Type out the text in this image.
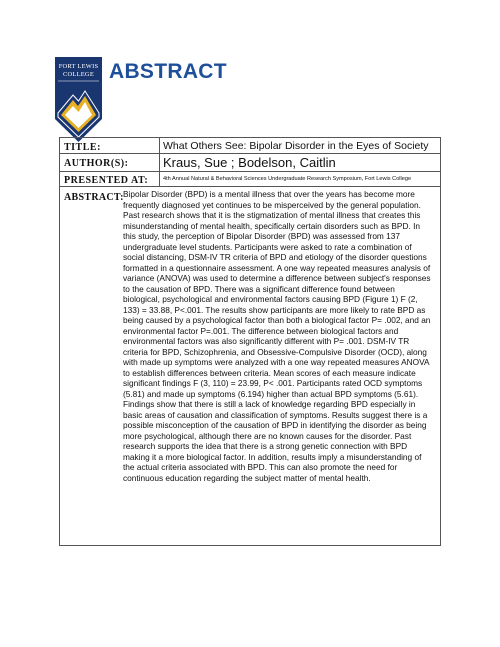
FORT LEWIS
COLLEGE ABSTRACT
TITLE:	What Others See: Bipolar Disorder in the Eyes of Society
AUTHOR(S):	Kraus, Sue ; Bodelson, Caitlin
PRESENTED AT:	4th Annual Natural & Behavioral Sciences Undergraduate Research Symposium, Fort Lewis College
ABSTRACT: Bipolar Disorder (BPD) is a mental illness that over the years has become more frequently diagnosed yet continues to be misperceived by the general population. Past research shows that it is the stigmatization of mental illness that creates this misunderstanding of mental health, specifically certain disorders such as BPD. In this study, the perception of Bipolar Disorder (BPD) was assessed from 137 undergraduate level students. Participants were asked to rate a combination of social distancing, DSM-IV TR criteria of BPD and etiology of the disorder questions formatted in a questionnaire assessment. A one way repeated measures analysis of variance (ANOVA) was used to determine a difference between subject's responses to the causation of BPD. There was a significant difference found between biological, psychological and environmental factors causing BPD (Figure 1) F (2, 133) = 33.88, P<.001. The results show participants are more likely to rate BPD as being caused by a psychological factor than both a biological factor P= .002, and an environmental factor P=.001. The difference between biological factors and environmental factors was also significantly different with P= .001. DSM-IV TR criteria for BPD, Schizophrenia, and Obsessive-Compulsive Disorder (OCD), along with made up symptoms were analyzed with a one way repeated measures ANOVA to establish differences between criteria. Mean scores of each measure indicate significant findings F (3, 110) = 23.99, P< .001. Participants rated OCD symptoms (5.81) and made up symptoms (6.194) higher than actual BPD symptoms (5.61). Findings show that there is still a lack of knowledge regarding BPD especially in basic areas of causation and classification of symptoms. Results suggest there is a possible misconception of the causation of BPD in identifying the disorder as being more psychological, although there are no known causes for the disorder. Past research supports the idea that there is a strong genetic connection with BPD making it a more biological factor. In addition, results imply a misunderstanding of the actual criteria associated with BPD. This can also promote the need for continuous education regarding the subject matter of mental health.
